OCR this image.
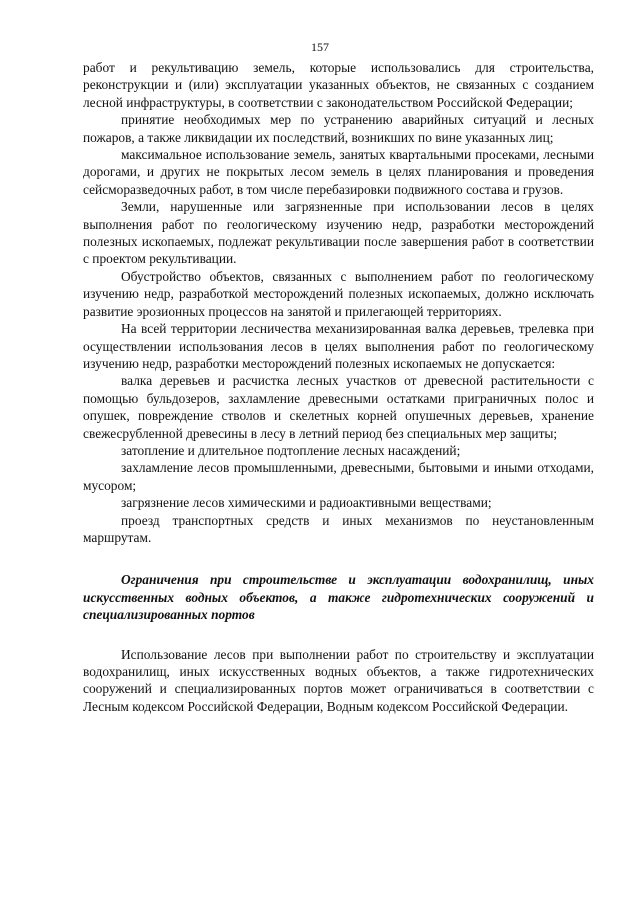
157

работ и рекультивацию земель, которые использовались для строительства, реконструкции и (или) эксплуатации указанных объектов, не связанных с созданием лесной инфраструктуры, в соответствии с законодательством Российской Федерации;

принятие необходимых мер по устранению аварийных ситуаций и лесных пожаров, а также ликвидации их последствий, возникших по вине указанных лиц;

максимальное использование земель, занятых квартальными просеками, лесными дорогами, и других не покрытых лесом земель в целях планирования и проведения сейсморазведочных работ, в том числе перебазировки подвижного состава и грузов.

Земли, нарушенные или загрязненные при использовании лесов в целях выполнения работ по геологическому изучению недр, разработки месторождений полезных ископаемых, подлежат рекультивации после завершения работ в соответствии с проектом рекультивации.

Обустройство объектов, связанных с выполнением работ по геологическому изучению недр, разработкой месторождений полезных ископаемых, должно исключать развитие эрозионных процессов на занятой и прилегающей территориях.

На всей территории лесничества механизированная валка деревьев, трелевка при осуществлении использования лесов в целях выполнения работ по геологическому изучению недр, разработки месторождений полезных ископаемых не допускается:

валка деревьев и расчистка лесных участков от древесной растительности с помощью бульдозеров, захламление древесными остатками приграничных полос и опушек, повреждение стволов и скелетных корней опушечных деревьев, хранение свежесрубленной древесины в лесу в летний период без специальных мер защиты;

затопление и длительное подтопление лесных насаждений;

захламление лесов промышленными, древесными, бытовыми и иными отходами, мусором;

загрязнение лесов химическими и радиоактивными веществами;

проезд транспортных средств и иных механизмов по неустановленным маршрутам.

Ограничения при строительстве и эксплуатации водохранилищ, иных искусственных водных объектов, а также гидротехнических сооружений и специализированных портов

Использование лесов при выполнении работ по строительству и эксплуатации водохранилищ, иных искусственных водных объектов, а также гидротехнических сооружений и специализированных портов может ограничиваться в соответствии с Лесным кодексом Российской Федерации, Водным кодексом Российской Федерации.
